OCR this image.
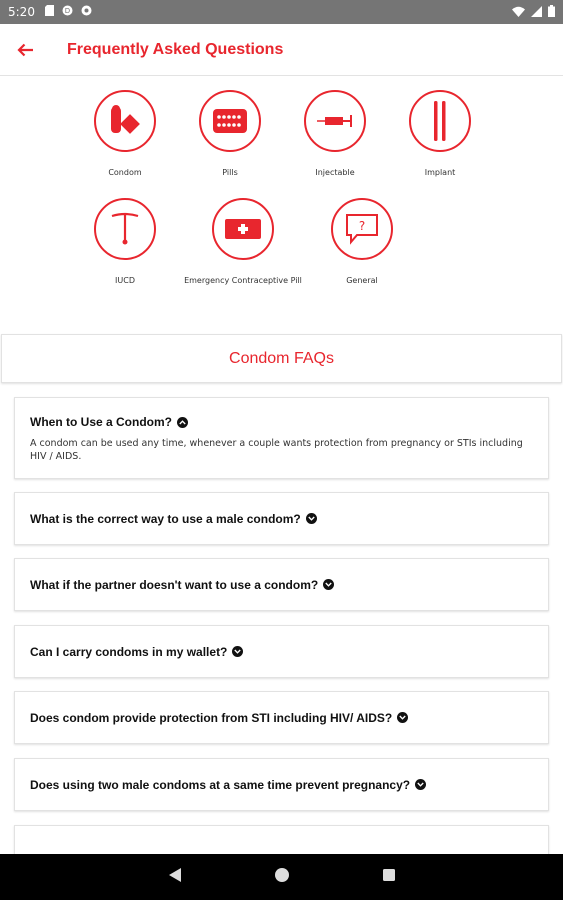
5:20	D
Frequently Asked Questions
Condom	Pills	Injectable	Implant
IUCD	Emergency Contraceptive Pill
?
General
Condom FAQs
When to Use a Condom?
A condom can be used any time, whenever a couple wants protection from pregnancy or STIs including HIV / AIDS.
What is the correct way to use a male condom?
What if the partner doesn't want to use a condom?
Can I carry condoms in my wallet?
Does condom provide protection from STI including HIV/ AIDS?
Does using two male condoms at a same time prevent pregnancy?
